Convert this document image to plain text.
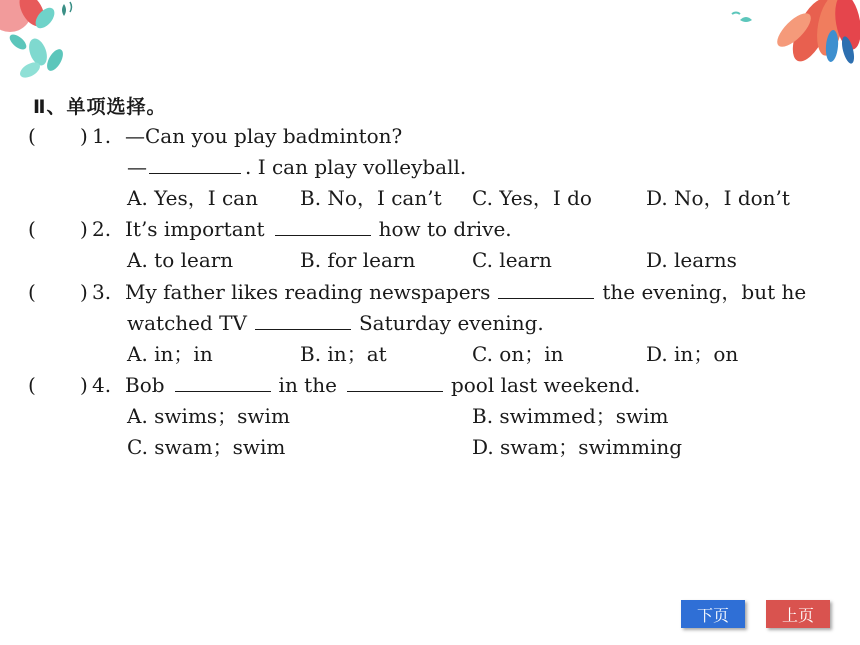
Ⅱ、单项选择。
( ) 1. —Can you play badminton?
—	. I can play volleyball.
A. Yes，I can B. No，I can’t C. Yes，I do	D. No，I don’t
( ) 2. It’s important	how to drive.
A. to learn	B. for learn	C. learn	D. learns
( ) 3. My father likes reading newspapers	the evening，but he
watched TV	Saturday evening.
A. in；in	B. in；at	C. on；in	D. in；on
( ) 4. Bob	in the	pool last weekend.
A. swims；swim	B. swimmed；swim
C. swam；swim	D. swam；swimming
下页	上页
